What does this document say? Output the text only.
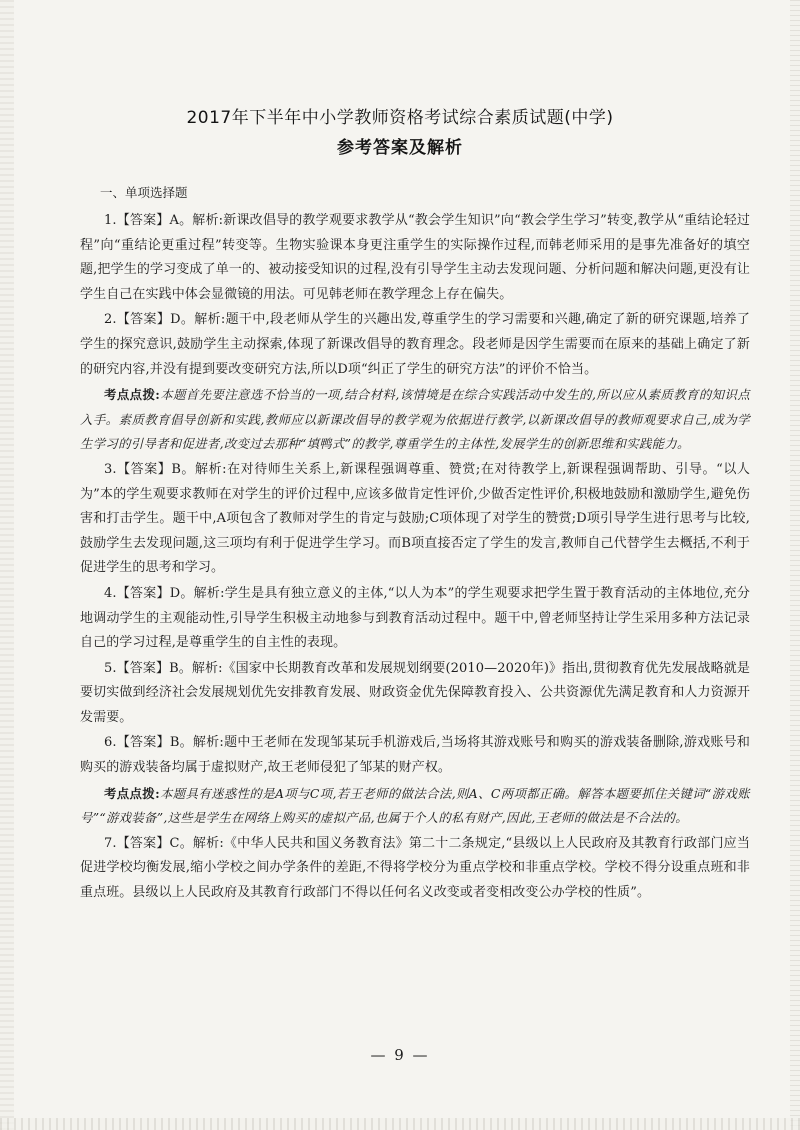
2017年下半年中小学教师资格考试综合素质试题(中学)
参考答案及解析
一、单项选择题

1.【答案】A。解析:新课改倡导的教学观要求教学从“教会学生知识”向“教会学生学习”转变,教学从“重结论轻过程”向“重结论更重过程”转变等。生物实验课本身更注重学生的实际操作过程,而韩老师采用的是事先准备好的填空题,把学生的学习变成了单一的、被动接受知识的过程,没有引导学生主动去发现问题、分析问题和解决问题,更没有让学生自己在实践中体会显微镜的用法。可见韩老师在教学理念上存在偏失。

2.【答案】D。解析:题干中,段老师从学生的兴趣出发,尊重学生的学习需要和兴趣,确定了新的研究课题,培养了学生的探究意识,鼓励学生主动探索,体现了新课改倡导的教育理念。段老师是因学生需要而在原来的基础上确定了新的研究内容,并没有提到要改变研究方法,所以D项“纠正了学生的研究方法”的评价不恰当。

考点点拨:本题首先要注意选不恰当的一项,结合材料,该情境是在综合实践活动中发生的,所以应从素质教育的知识点入手。素质教育倡导创新和实践,教师应以新课改倡导的教学观为依据进行教学,以新课改倡导的教师观要求自己,成为学生学习的引导者和促进者,改变过去那种“填鸭式”的教学,尊重学生的主体性,发展学生的创新思维和实践能力。

3.【答案】B。解析:在对待师生关系上,新课程强调尊重、赞赏;在对待教学上,新课程强调帮助、引导。“以人为”本的学生观要求教师在对学生的评价过程中,应该多做肯定性评价,少做否定性评价,积极地鼓励和激励学生,避免伤害和打击学生。题干中,A项包含了教师对学生的肯定与鼓励;C项体现了对学生的赞赏;D项引导学生进行思考与比较,鼓励学生去发现问题,这三项均有利于促进学生学习。而B项直接否定了学生的发言,教师自己代替学生去概括,不利于促进学生的思考和学习。

4.【答案】D。解析:学生是具有独立意义的主体,“以人为本”的学生观要求把学生置于教育活动的主体地位,充分地调动学生的主观能动性,引导学生积极主动地参与到教育活动过程中。题干中,曾老师坚持让学生采用多种方法记录自己的学习过程,是尊重学生的自主性的表现。

5.【答案】B。解析:《国家中长期教育改革和发展规划纲要(2010—2020年)》指出,贯彻教育优先发展战略就是要切实做到经济社会发展规划优先安排教育发展、财政资金优先保障教育投入、公共资源优先满足教育和人力资源开发需要。

6.【答案】B。解析:题中王老师在发现邹某玩手机游戏后,当场将其游戏账号和购买的游戏装备删除,游戏账号和购买的游戏装备均属于虚拟财产,故王老师侵犯了邹某的财产权。

考点点拨:本题具有迷惑性的是A项与C项,若王老师的做法合法,则A、C两项都正确。解答本题要抓住关键词“游戏账号”“游戏装备”,这些是学生在网络上购买的虚拟产品,也属于个人的私有财产,因此,王老师的做法是不合法的。

7.【答案】C。解析:《中华人民共和国义务教育法》第二十二条规定,“县级以上人民政府及其教育行政部门应当促进学校均衡发展,缩小学校之间办学条件的差距,不得将学校分为重点学校和非重点学校。学校不得分设重点班和非重点班。县级以上人民政府及其教育行政部门不得以任何名义改变或者变相改变公办学校的性质”。

— 9 —
